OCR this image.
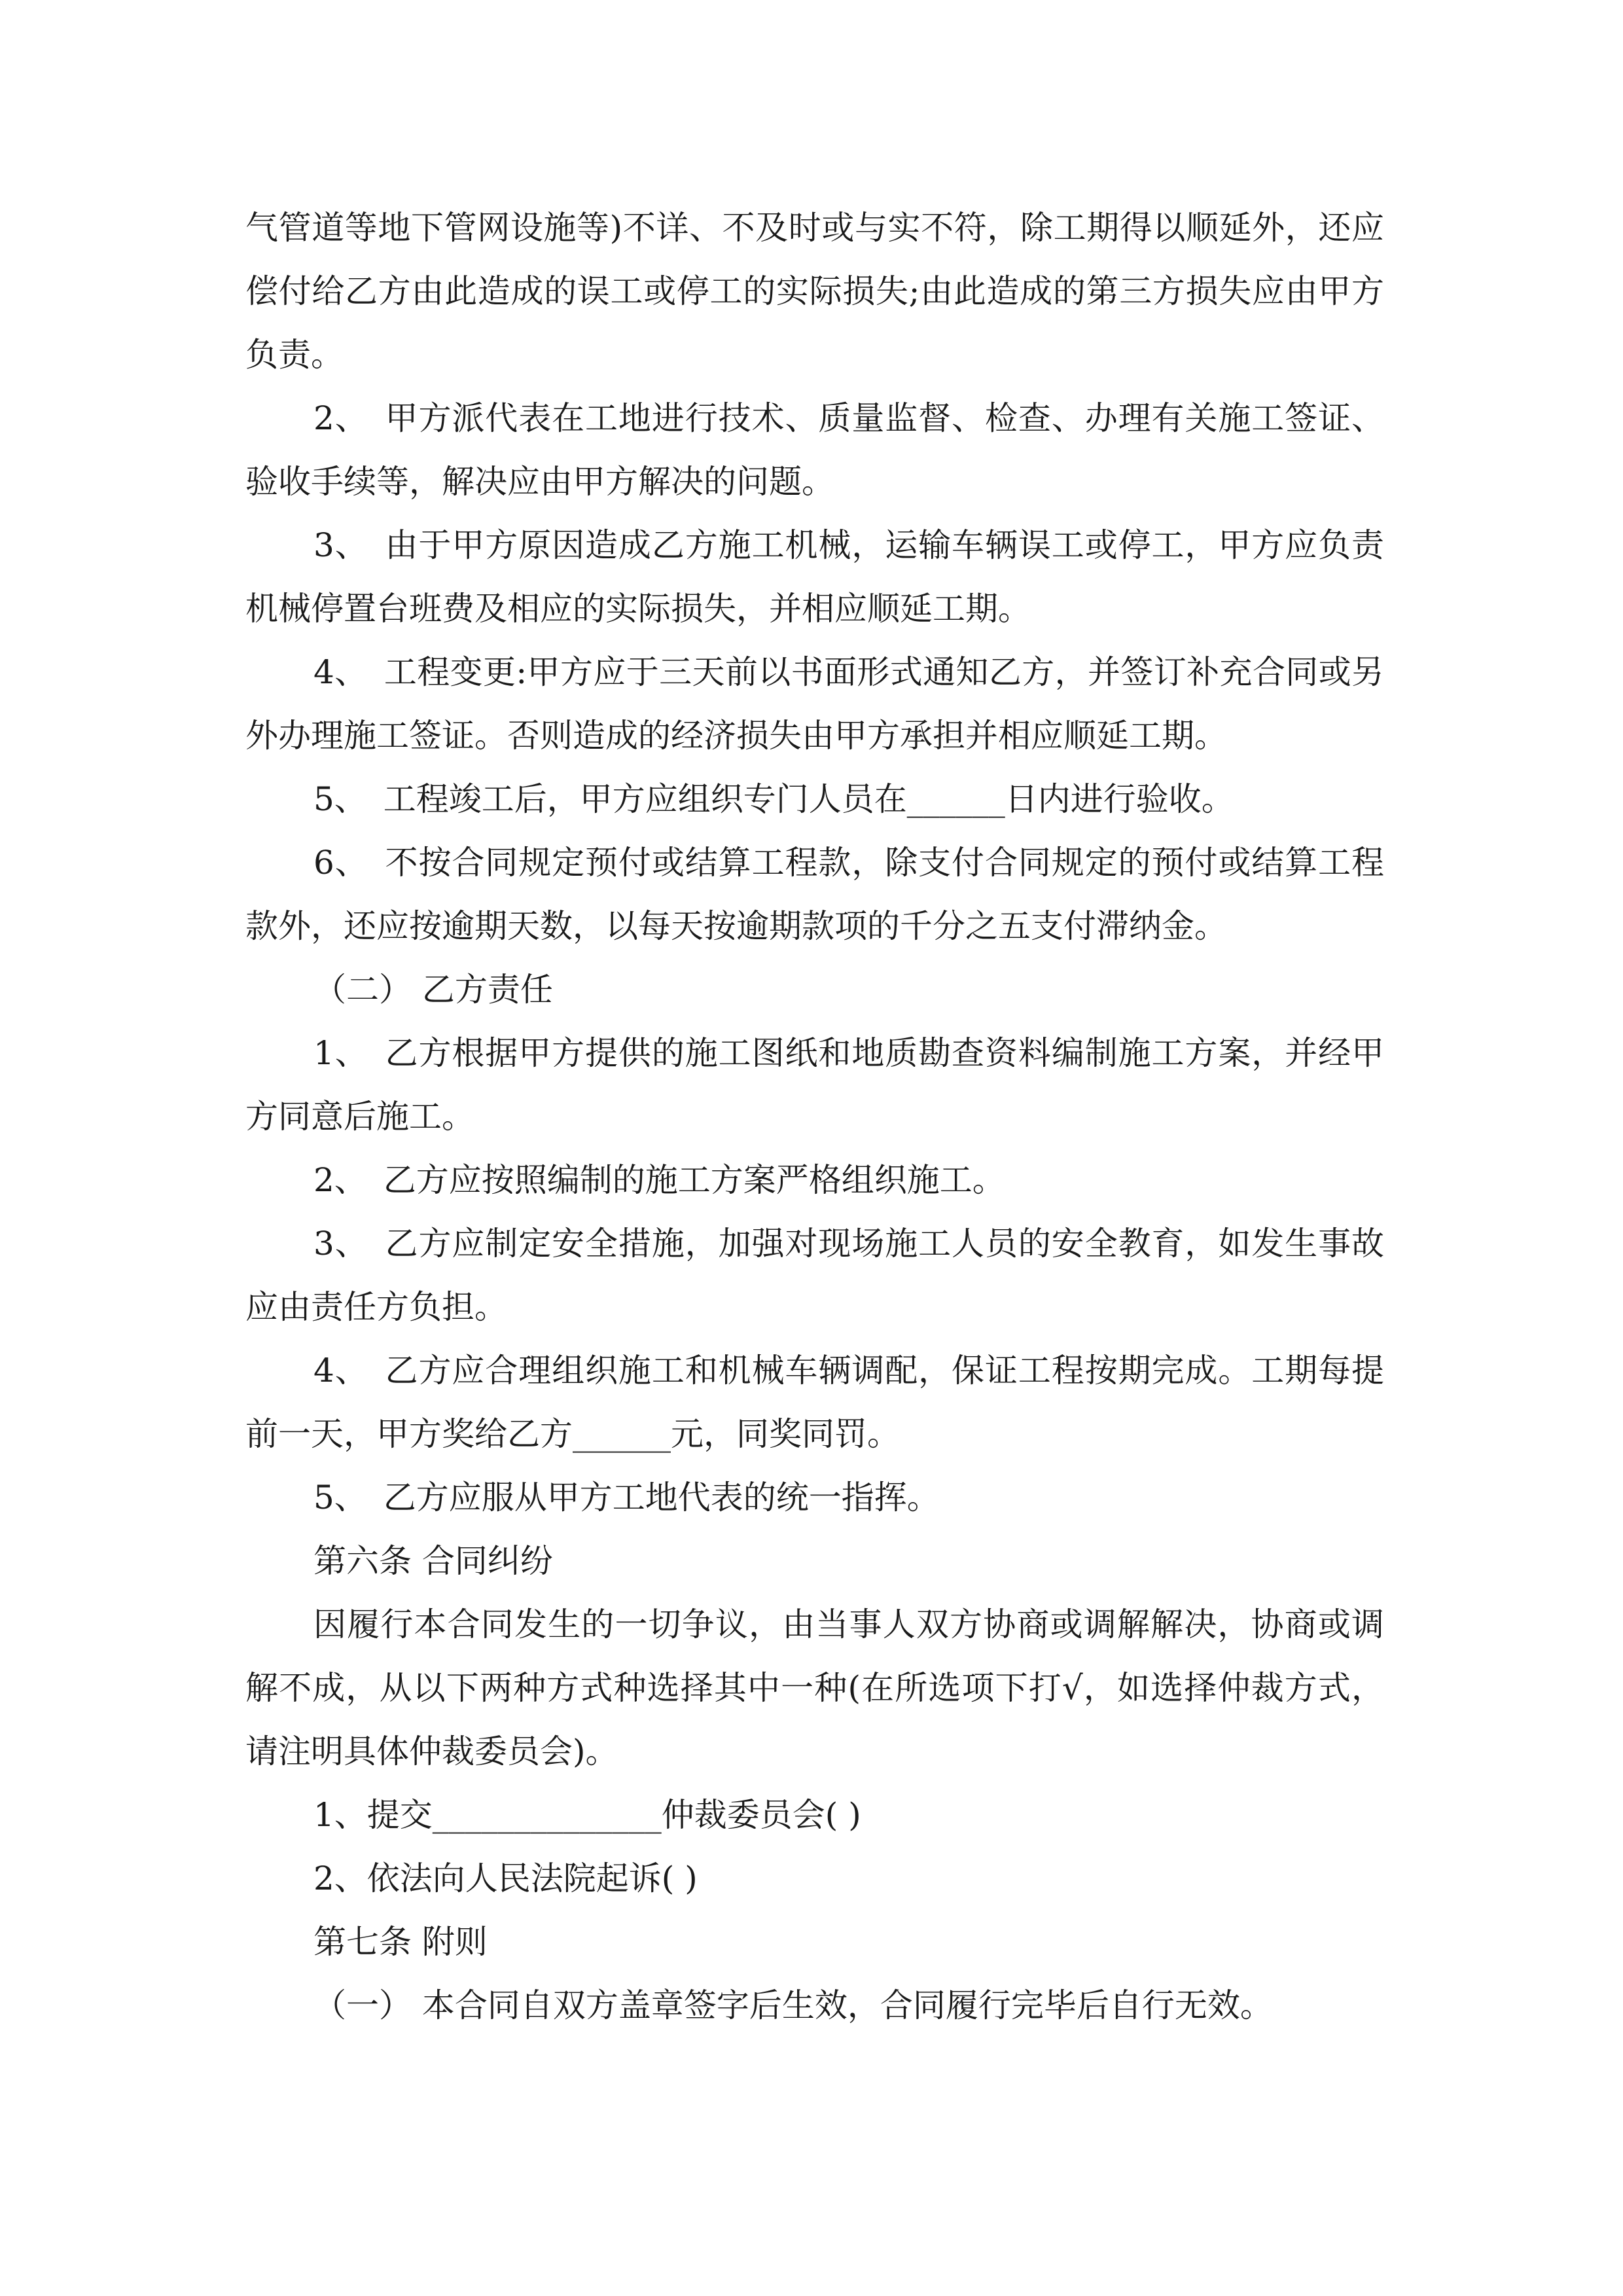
气管道等地下管网设施等)不详、不及时或与实不符，除工期得以顺延外，还应偿付给乙方由此造成的误工或停工的实际损失;由此造成的第三方损失应由甲方负责。

2、　甲方派代表在工地进行技术、质量监督、检查、办理有关施工签证、验收手续等，解决应由甲方解决的问题。

3、　由于甲方原因造成乙方施工机械，运输车辆误工或停工，甲方应负责机械停置台班费及相应的实际损失，并相应顺延工期。

4、　工程变更:甲方应于三天前以书面形式通知乙方，并签订补充合同或另外办理施工签证。否则造成的经济损失由甲方承担并相应顺延工期。

5、　工程竣工后，甲方应组织专门人员在______日内进行验收。

6、　不按合同规定预付或结算工程款，除支付合同规定的预付或结算工程款外，还应按逾期天数，以每天按逾期款项的千分之五支付滞纳金。

（二） 乙方责任

1、　乙方根据甲方提供的施工图纸和地质勘查资料编制施工方案，并经甲方同意后施工。

2、　乙方应按照编制的施工方案严格组织施工。

3、　乙方应制定安全措施，加强对现场施工人员的安全教育，如发生事故应由责任方负担。

4、　乙方应合理组织施工和机械车辆调配，保证工程按期完成。工期每提前一天，甲方奖给乙方______元，同奖同罚。

5、　乙方应服从甲方工地代表的统一指挥。

第六条 合同纠纷

因履行本合同发生的一切争议，由当事人双方协商或调解解决，协商或调解不成，从以下两种方式种选择其中一种(在所选项下打√，如选择仲裁方式，请注明具体仲裁委员会)。

1、提交______________仲裁委员会( )

2、依法向人民法院起诉( )

第七条 附则

（一） 本合同自双方盖章签字后生效，合同履行完毕后自行无效。
